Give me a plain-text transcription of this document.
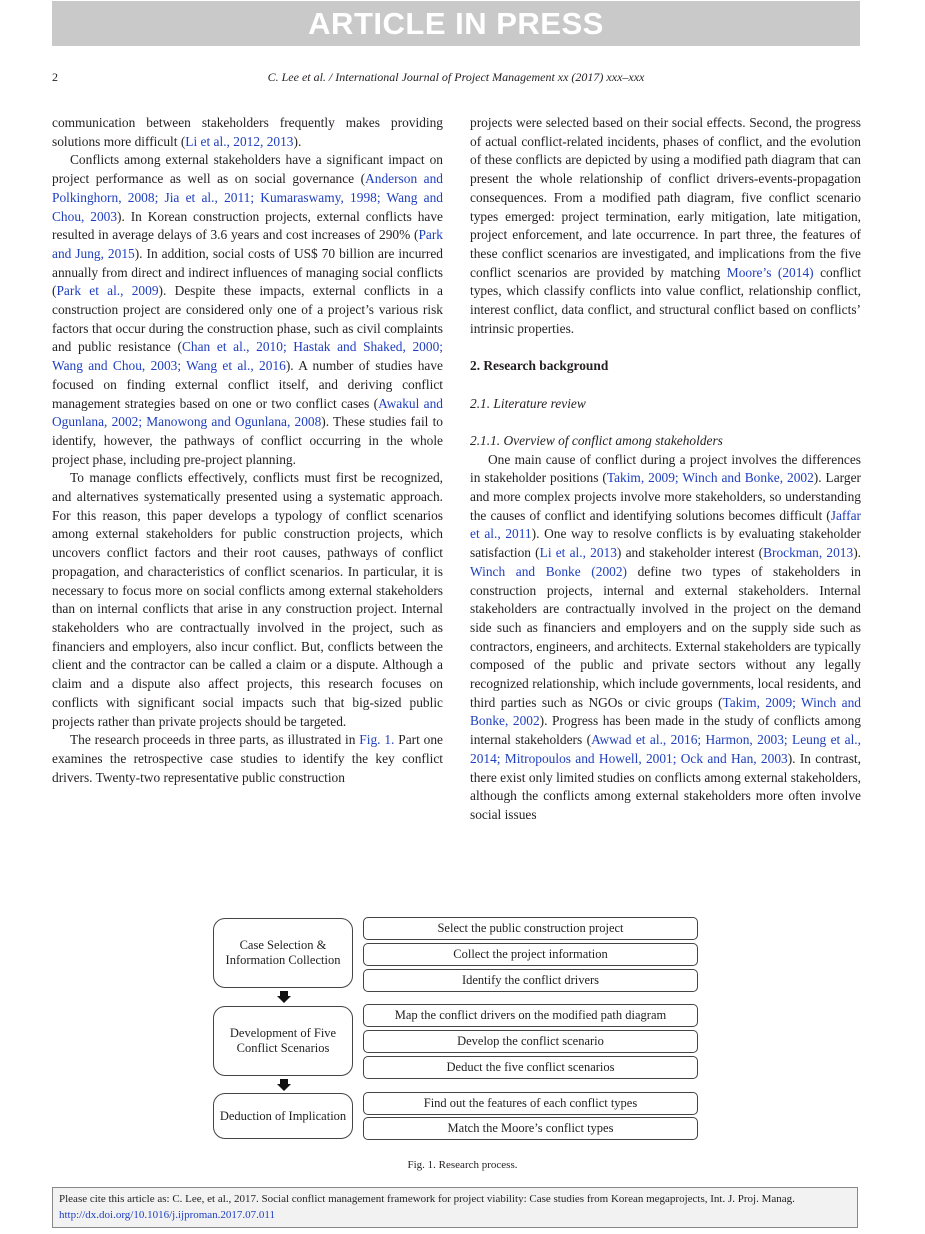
ARTICLE IN PRESS
2	C. Lee et al. / International Journal of Project Management xx (2017) xxx–xxx

communication between stakeholders frequently makes providing solutions more difficult (Li et al., 2012, 2013).

Conflicts among external stakeholders have a significant impact on project performance as well as on social governance (Anderson and Polkinghorn, 2008; Jia et al., 2011; Kumaraswamy, 1998; Wang and Chou, 2003). In Korean construction projects, external conflicts have resulted in average delays of 3.6 years and cost increases of 290% (Park and Jung, 2015). In addition, social costs of US$ 70 billion are incurred annually from direct and indirect influences of managing social conflicts (Park et al., 2009). Despite these impacts, external conflicts in a construction project are considered only one of a project’s various risk factors that occur during the construction phase, such as civil complaints and public resistance (Chan et al., 2010; Hastak and Shaked, 2000; Wang and Chou, 2003; Wang et al., 2016). A number of studies have focused on finding external conflict itself, and deriving conflict management strategies based on one or two conflict cases (Awakul and Ogunlana, 2002; Manowong and Ogunlana, 2008). These studies fail to identify, however, the pathways of conflict occurring in the whole project phase, including pre-project planning.

To manage conflicts effectively, conflicts must first be recognized, and alternatives systematically presented using a systematic approach. For this reason, this paper develops a typology of conflict scenarios among external stakeholders for public construction projects, which uncovers conflict factors and their root causes, pathways of conflict propagation, and characteristics of conflict scenarios. In particular, it is necessary to focus more on social conflicts among external stakeholders than on internal conflicts that arise in any construction project. Internal stakeholders who are contractually involved in the project, such as financiers and employers, also incur conflict. But, conflicts between the client and the contractor can be called a claim or a dispute. Although a claim and a dispute also affect projects, this research focuses on conflicts with significant social impacts such that big-sized public projects rather than private projects should be targeted.

The research proceeds in three parts, as illustrated in Fig. 1. Part one examines the retrospective case studies to identify the key conflict drivers. Twenty-two representative public construction

projects were selected based on their social effects. Second, the progress of actual conflict-related incidents, phases of conflict, and the evolution of these conflicts are depicted by using a modified path diagram that can present the whole relationship of conflict drivers-events-propagation consequences. From a modified path diagram, five conflict scenario types emerged: project termination, early mitigation, late mitigation, project enforcement, and late occurrence. In part three, the features of these conflict scenarios are investigated, and implications from the five conflict scenarios are provided by matching Moore’s (2014) conflict types, which classify conflicts into value conflict, relationship conflict, interest conflict, data conflict, and structural conflict based on conflicts’ intrinsic properties.

2. Research background

2.1. Literature review

2.1.1. Overview of conflict among stakeholders

One main cause of conflict during a project involves the differences in stakeholder positions (Takim, 2009; Winch and Bonke, 2002). Larger and more complex projects involve more stakeholders, so understanding the causes of conflict and identifying solutions becomes difficult (Jaffar et al., 2011). One way to resolve conflicts is by evaluating stakeholder satisfaction (Li et al., 2013) and stakeholder interest (Brockman, 2013). Winch and Bonke (2002) define two types of stakeholders in construction projects, internal and external stakeholders. Internal stakeholders are contractually involved in the project on the demand side such as financiers and employers and on the supply side such as contractors, engineers, and architects. External stakeholders are typically composed of the public and private sectors without any legally recognized relationship, which include governments, local residents, and third parties such as NGOs or civic groups (Takim, 2009; Winch and Bonke, 2002). Progress has been made in the study of conflicts among internal stakeholders (Awwad et al., 2016; Harmon, 2003; Leung et al., 2014; Mitropoulos and Howell, 2001; Ock and Han, 2003). In contrast, there exist only limited studies on conflicts among external stakeholders, although the conflicts among external stakeholders more often involve social issues

Case Selection & Information Collection
Select the public construction project
Collect the project information
Identify the conflict drivers
Development of Five Conflict Scenarios
Map the conflict drivers on the modified path diagram
Develop the conflict scenario
Deduct the five conflict scenarios
Deduction of Implication
Find out the features of each conflict types
Match the Moore’s conflict types
Fig. 1. Research process.
Please cite this article as: C. Lee, et al., 2017. Social conflict management framework for project viability: Case studies from Korean megaprojects, Int. J. Proj. Manag.
http://dx.doi.org/10.1016/j.ijproman.2017.07.011
